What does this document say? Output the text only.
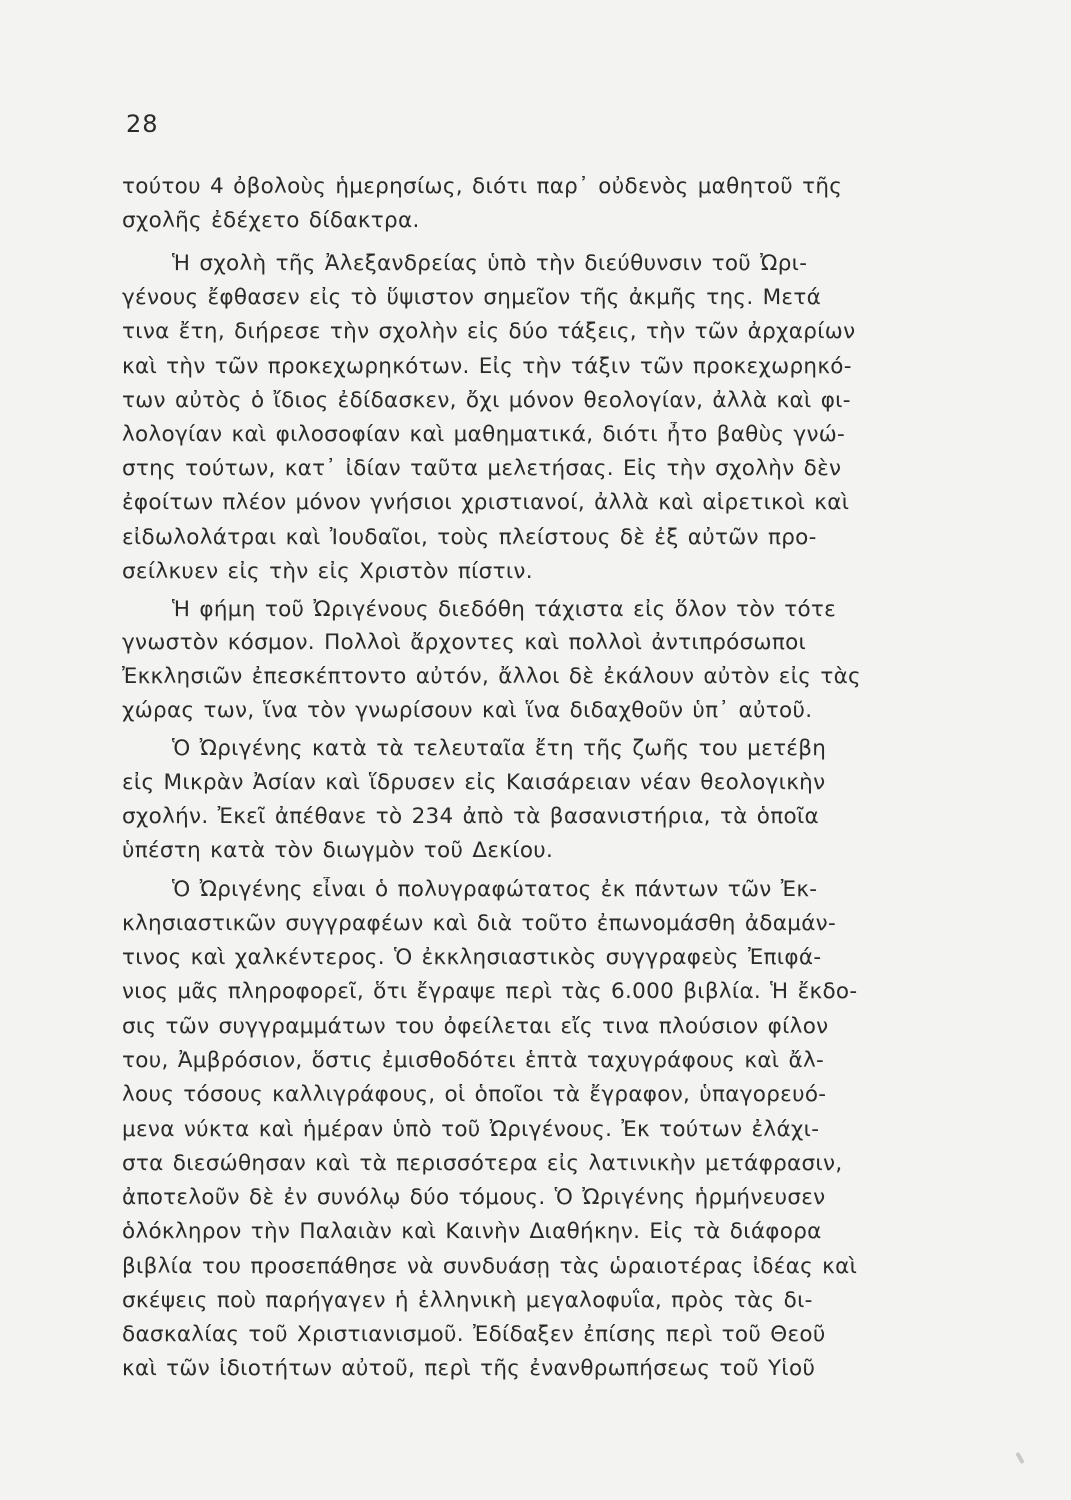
28
τούτου 4 ὀβολοὺς ἡμερησίως, διότι παρ᾽ οὐδενὸς μαθητοῦ τῆς
σχολῆς ἐδέχετο δίδακτρα.
Ἡ σχολὴ τῆς Ἀλεξανδρείας ὑπὸ τὴν διεύθυνσιν τοῦ Ὠρι-
γένους ἔφθασεν εἰς τὸ ὕψιστον σημεῖον τῆς ἀκμῆς της. Μετά
τινα ἔτη, διήρεσε τὴν σχολὴν εἰς δύο τάξεις, τὴν τῶν ἀρχαρίων
καὶ τὴν τῶν προκεχωρηκότων. Εἰς τὴν τάξιν τῶν προκεχωρηκό-
των αὐτὸς ὁ ἴδιος ἐδίδασκεν, ὄχι μόνον θεολογίαν, ἀλλὰ καὶ φι-
λολογίαν καὶ φιλοσοφίαν καὶ μαθηματικά, διότι ἦτο βαθὺς γνώ-
στης τούτων, κατ᾽ ἰδίαν ταῦτα μελετήσας. Εἰς τὴν σχολὴν δὲν
ἐφοίτων πλέον μόνον γνήσιοι χριστιανοί, ἀλλὰ καὶ αἱρετικοὶ καὶ
εἰδωλολάτραι καὶ Ἰουδαῖοι, τοὺς πλείστους δὲ ἐξ αὐτῶν προ-
σείλκυεν εἰς τὴν εἰς Χριστὸν πίστιν.
Ἡ φήμη τοῦ Ὠριγένους διεδόθη τάχιστα εἰς ὅλον τὸν τότε
γνωστὸν κόσμον. Πολλοὶ ἄρχοντες καὶ πολλοὶ ἀντιπρόσωποι
Ἐκκλησιῶν ἐπεσκέπτοντο αὐτόν, ἄλλοι δὲ ἐκάλουν αὐτὸν εἰς τὰς
χώρας των, ἵνα τὸν γνωρίσουν καὶ ἵνα διδαχθοῦν ὑπ᾽ αὐτοῦ.
Ὁ Ὠριγένης κατὰ τὰ τελευταῖα ἔτη τῆς ζωῆς του μετέβη
εἰς Μικρὰν Ἀσίαν καὶ ἵδρυσεν εἰς Καισάρειαν νέαν θεολογικὴν
σχολήν. Ἐκεῖ ἀπέθανε τὸ 234 ἀπὸ τὰ βασανιστήρια, τὰ ὁποῖα
ὑπέστη κατὰ τὸν διωγμὸν τοῦ Δεκίου.
Ὁ Ὠριγένης εἶναι ὁ πολυγραφώτατος ἐκ πάντων τῶν Ἐκ-
κλησιαστικῶν συγγραφέων καὶ διὰ τοῦτο ἐπωνομάσθη ἀδαμάν-
τινος καὶ χαλκέντερος. Ὁ ἐκκλησιαστικὸς συγγραφεὺς Ἐπιφά-
νιος μᾶς πληροφορεῖ, ὅτι ἔγραψε περὶ τὰς 6.000 βιβλία. Ἡ ἔκδο-
σις τῶν συγγραμμάτων του ὀφείλεται εἴς τινα πλούσιον φίλον
του, Ἀμβρόσιον, ὅστις ἐμισθοδότει ἑπτὰ ταχυγράφους καὶ ἄλ-
λους τόσους καλλιγράφους, οἱ ὁποῖοι τὰ ἔγραφον, ὑπαγορευό-
μενα νύκτα καὶ ἡμέραν ὑπὸ τοῦ Ὠριγένους. Ἐκ τούτων ἐλάχι-
στα διεσώθησαν καὶ τὰ περισσότερα εἰς λατινικὴν μετάφρασιν,
ἀποτελοῦν δὲ ἐν συνόλῳ δύο τόμους. Ὁ Ὠριγένης ἡρμήνευσεν
ὁλόκληρον τὴν Παλαιὰν καὶ Καινὴν Διαθήκην. Εἰς τὰ διάφορα
βιβλία του προσεπάθησε νὰ συνδυάσῃ τὰς ὡραιοτέρας ἰδέας καὶ
σκέψεις ποὺ παρήγαγεν ἡ ἑλληνικὴ μεγαλοφυΐα, πρὸς τὰς δι-
δασκαλίας τοῦ Χριστιανισμοῦ. Ἐδίδαξεν ἐπίσης περὶ τοῦ Θεοῦ
καὶ τῶν ἰδιοτήτων αὐτοῦ, περὶ τῆς ἐνανθρωπήσεως τοῦ Υἱοῦ
